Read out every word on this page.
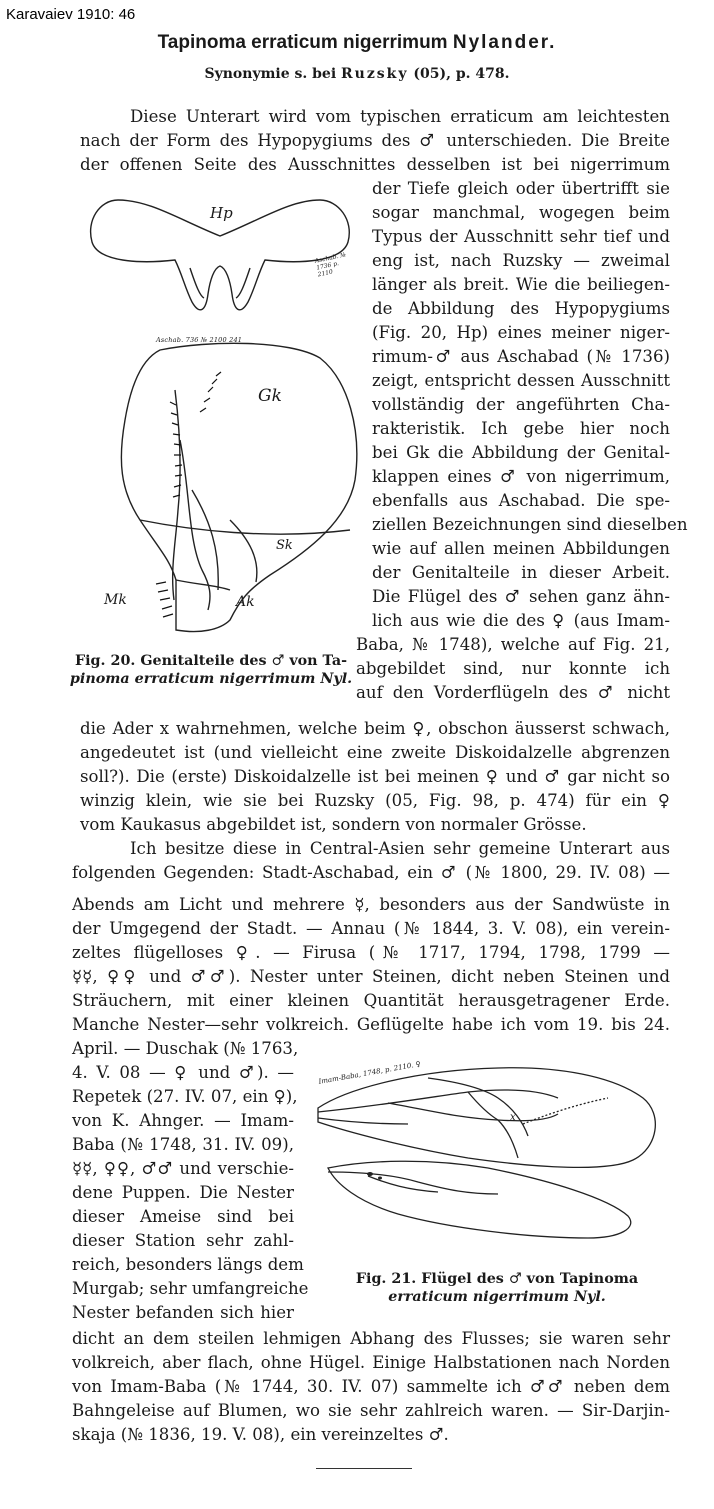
Karavaiev 1910: 46
Tapinoma erraticum nigerrimum Nylander.
Synonymie s. bei Ruzsky (05), p. 478.

Diese Unterart wird vom typischen erraticum am leichtesten

nach der Form des Hypopygiums des ♂ unterschieden. Die Breite

der offenen Seite des Ausschnittes desselben ist bei nigerrimum

der Tiefe gleich oder übertrifft sie

sogar manchmal, wogegen beim

Typus der Ausschnitt sehr tief und

eng ist, nach Ruzsky — zweimal

länger als breit. Wie die beiliegen-

de Abbildung des Hypopygiums

(Fig. 20, Hp) eines meiner niger-

rimum-♂ aus Aschabad (№ 1736)

zeigt, entspricht dessen Ausschnitt

vollständig der angeführten Cha-

rakteristik. Ich gebe hier noch

bei Gk die Abbildung der Genital-

klappen eines ♂ von nigerrimum,

ebenfalls aus Aschabad. Die spe-

ziellen Bezeichnungen sind dieselben

wie auf allen meinen Abbildungen

der Genitalteile in dieser Arbeit.

Die Flügel des ♂ sehen ganz ähn-

lich aus wie die des ♀ (aus Imam-

Baba, № 1748), welche auf Fig. 21,

abgebildet sind, nur konnte ich

auf den Vorderflügeln des ♂ nicht

Hp
Aschab. № 1736 p. 2110
Aschab. 736 № 2100 241
Gk
Sk
Mk	Ak
Fig. 20. Genitalteile des ♂ von Ta-
pinoma erraticum nigerrimum Nyl.

die Ader x wahrnehmen, welche beim ♀, obschon äusserst schwach,

angedeutet ist (und vielleicht eine zweite Diskoidalzelle abgrenzen

soll?). Die (erste) Diskoidalzelle ist bei meinen ♀ und ♂ gar nicht so

winzig klein, wie sie bei Ruzsky (05, Fig. 98, p. 474) für ein ♀

vom Kaukasus abgebildet ist, sondern von normaler Grösse.

Ich besitze diese in Central-Asien sehr gemeine Unterart aus

folgenden Gegenden: Stadt-Aschabad, ein ♂ (№ 1800, 29. IV. 08) —

Abends am Licht und mehrere ☿, besonders aus der Sandwüste in

der Umgegend der Stadt. — Annau (№ 1844, 3. V. 08), ein verein-

zeltes flügelloses ♀. — Firusa (№ 1717, 1794, 1798, 1799 —

☿☿, ♀♀ und ♂♂). Nester unter Steinen, dicht neben Steinen und

Sträuchern, mit einer kleinen Quantität herausgetragener Erde.

Manche Nester—sehr volkreich. Geflügelte habe ich vom 19. bis 24.

April. — Duschak (№ 1763,

4. V. 08 — ♀ und ♂). —

Repetek (27. IV. 07, ein ♀),

von K. Ahnger. — Imam-

Baba (№ 1748, 31. IV. 09),

☿☿, ♀♀, ♂♂ und verschie-

dene Puppen. Die Nester

dieser Ameise sind bei

dieser Station sehr zahl-

reich, besonders längs dem

Murgab; sehr umfangreiche

Nester befanden sich hier

Imam-Baba, 1748, p. 2110. ♀
x
Fig. 21. Flügel des ♂ von Tapinoma
erraticum nigerrimum Nyl.

dicht an dem steilen lehmigen Abhang des Flusses; sie waren sehr

volkreich, aber flach, ohne Hügel. Einige Halbstationen nach Norden

von Imam-Baba (№ 1744, 30. IV. 07) sammelte ich ♂♂ neben dem

Bahngeleise auf Blumen, wo sie sehr zahlreich waren. — Sir-Darjin-

skaja (№ 1836, 19. V. 08), ein vereinzeltes ♂.
